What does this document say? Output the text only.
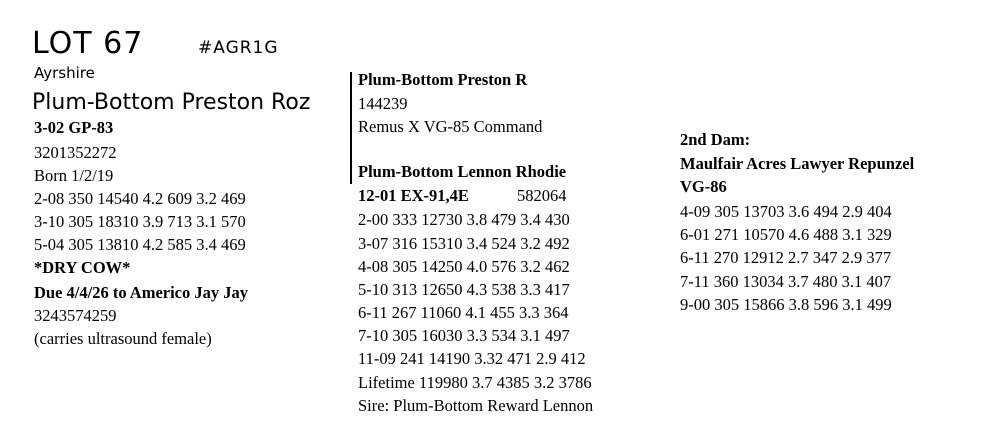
LOT 67	#AGR1G
Ayrshire
Plum-Bottom Preston Roz
3-02 GP-83
3201352272
Born 1/2/19
2-08 350 14540 4.2 609 3.2 469
3-10 305 18310 3.9 713 3.1 570
5-04 305 13810 4.2 585 3.4 469
*DRY COW*
Due 4/4/26 to Americo Jay Jay
3243574259
(carries ultrasound female)
Plum-Bottom Preston R
144239
Remus X VG-85 Command
Plum-Bottom Lennon Rhodie
12-01 EX-91,4E	582064
2-00 333 12730 3.8 479 3.4 430
3-07 316 15310 3.4 524 3.2 492
4-08 305 14250 4.0 576 3.2 462
5-10 313 12650 4.3 538 3.3 417
6-11 267 11060 4.1 455 3.3 364
7-10 305 16030 3.3 534 3.1 497
11-09 241 14190 3.32 471 2.9 412
Lifetime 119980 3.7 4385 3.2 3786
Sire: Plum-Bottom Reward Lennon
2nd Dam:
Maulfair Acres Lawyer Repunzel
VG-86
4-09 305 13703 3.6 494 2.9 404
6-01 271 10570 4.6 488 3.1 329
6-11 270 12912 2.7 347 2.9 377
7-11 360 13034 3.7 480 3.1 407
9-00 305 15866 3.8 596 3.1 499
